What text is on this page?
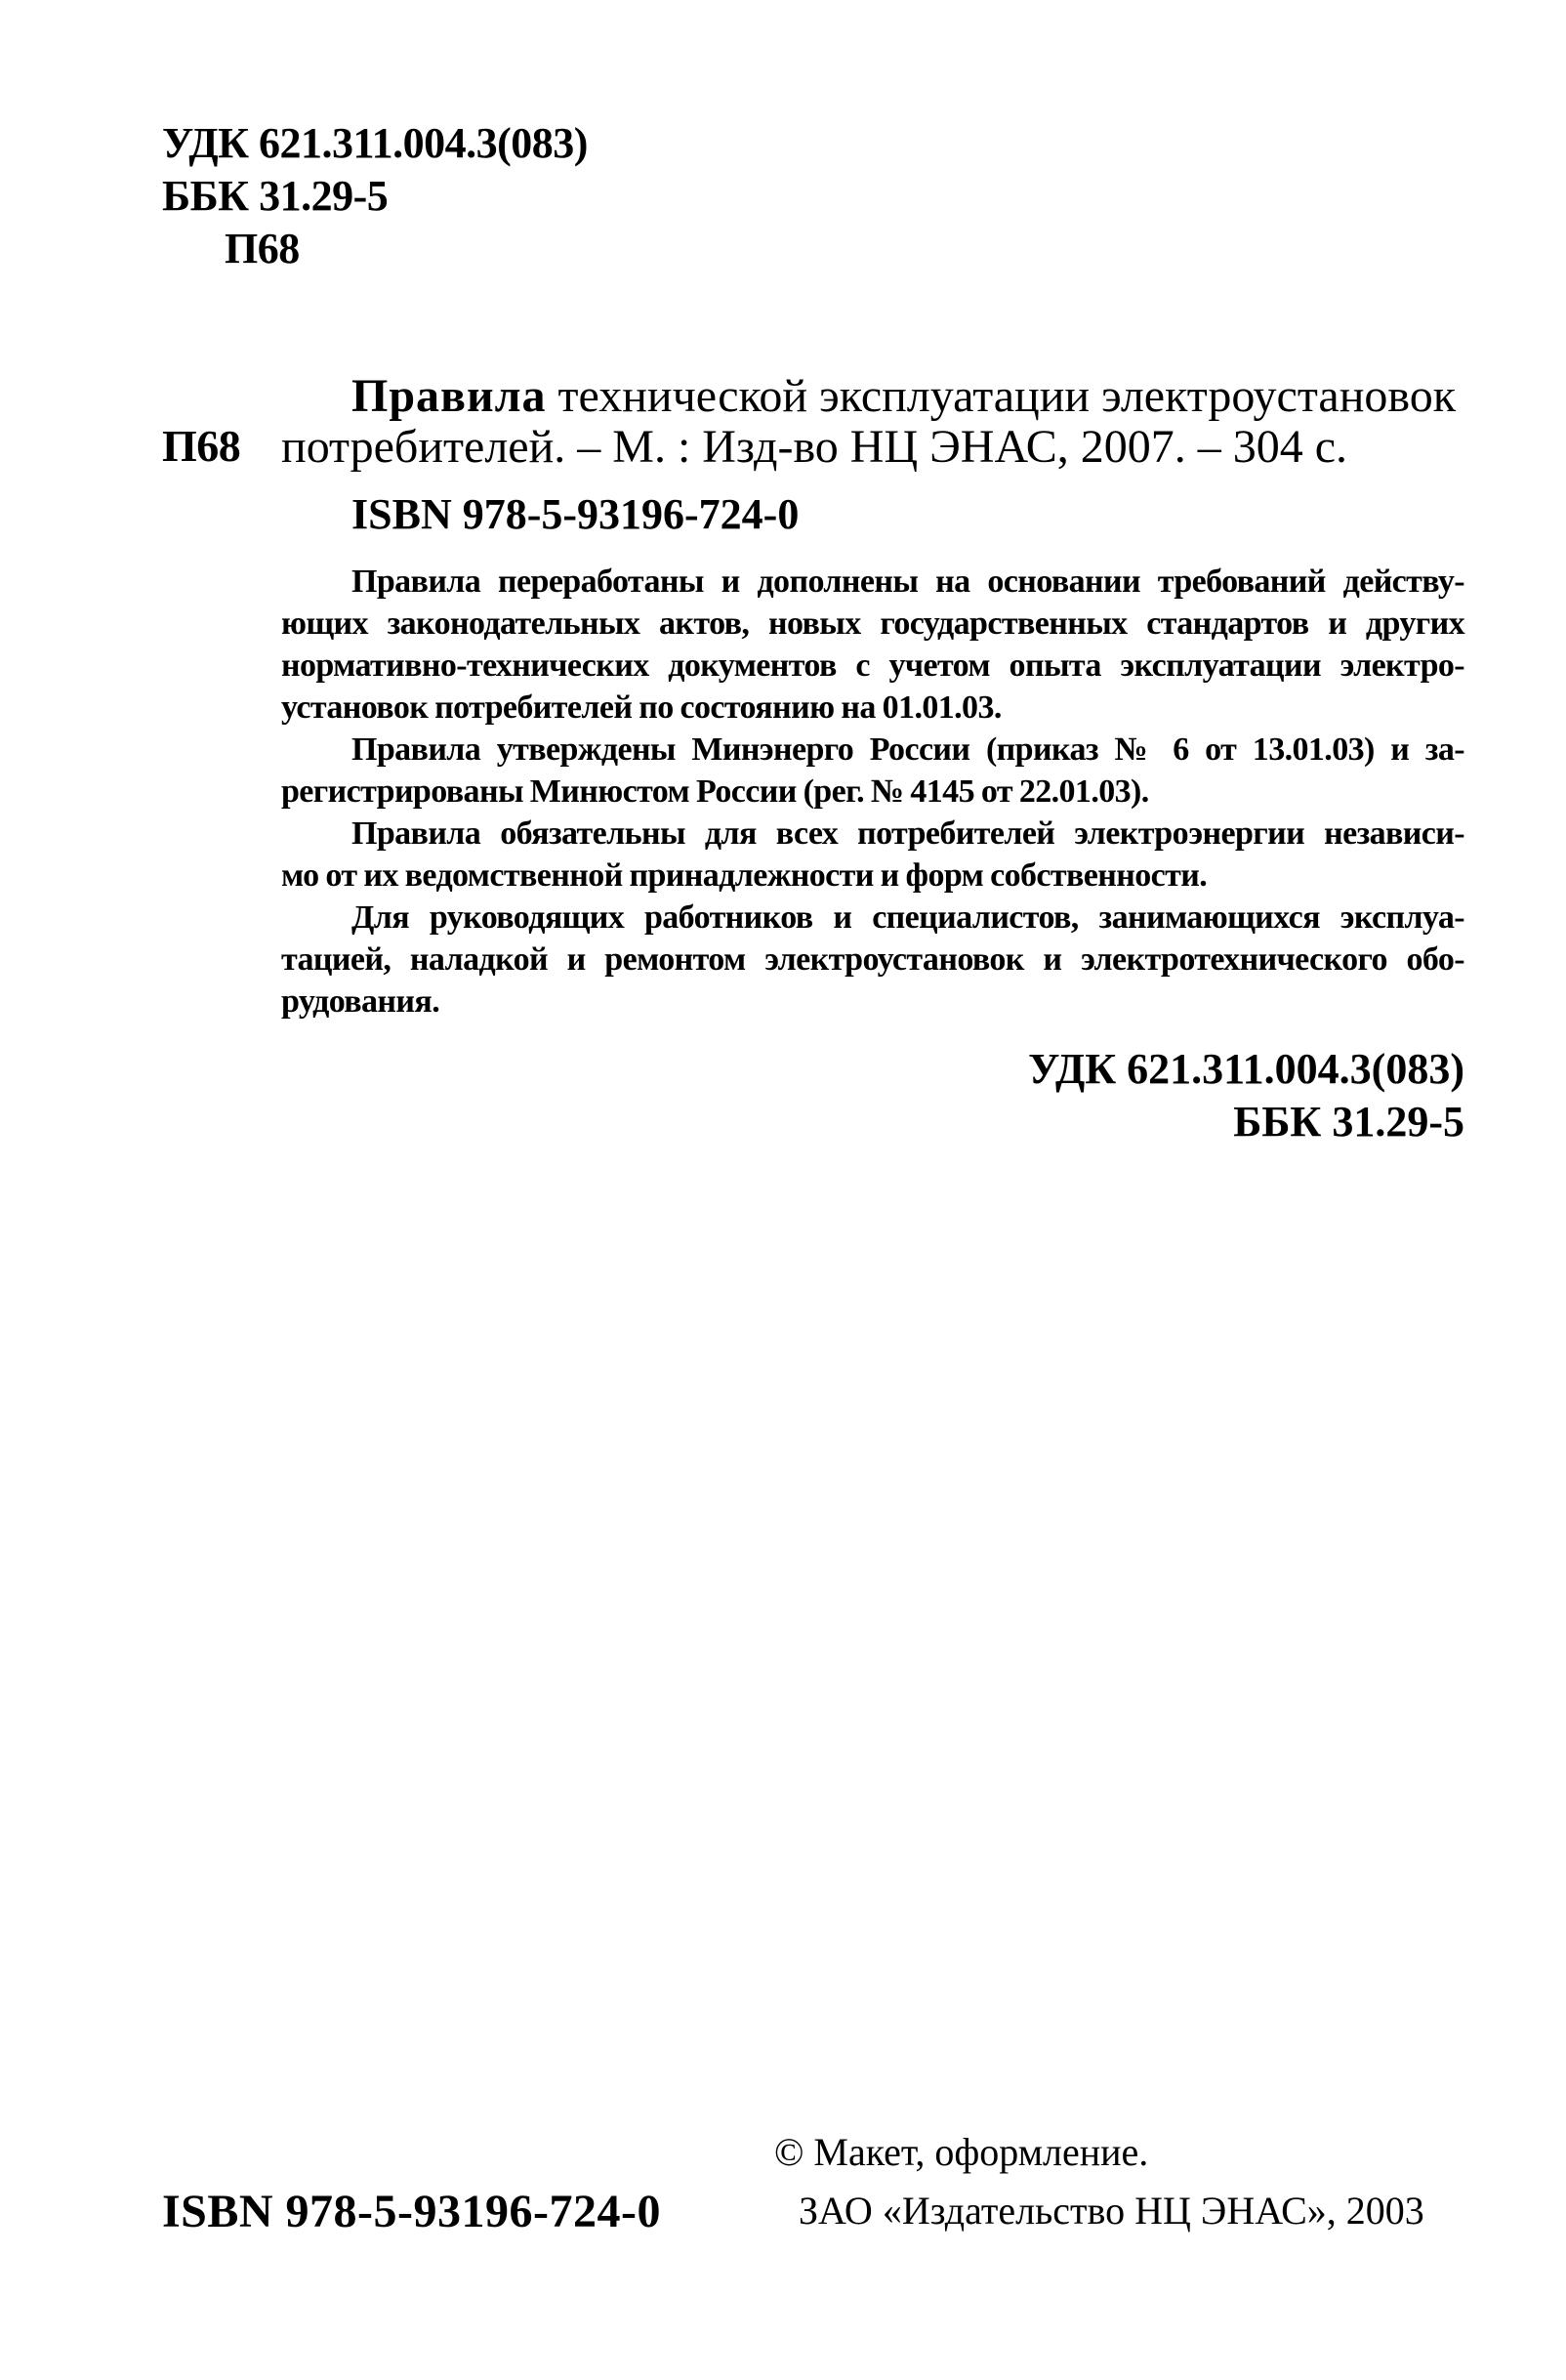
УДК 621.311.004.3(083)
ББК 31.29-5
П68
Правила технической эксплуатации электроустановок
П68 потребителей. – М. : Изд-во НЦ ЭНАС, 2007. – 304 с.
ISBN 978-5-93196-724-0
Правила переработаны и дополнены на основании требований действу-
ющих законодательных актов, новых государственных стандартов и других
нормативно-технических документов с учетом опыта эксплуатации электро-
установок потребителей по состоянию на 01.01.03.
Правила утверждены Минэнерго России (приказ № 6 от 13.01.03) и за-
регистрированы Минюстом России (рег. № 4145 от 22.01.03).
Правила обязательны для всех потребителей электроэнергии независи-
мо от их ведомственной принадлежности и форм собственности.
Для руководящих работников и специалистов, занимающихся эксплуа-
тацией, наладкой и ремонтом электроустановок и электротехнического обо-
рудования.
УДК 621.311.004.3(083)
ББК 31.29-5
ISBN 978-5-93196-724-0
© Макет, оформление.
ЗАО «Издательство НЦ ЭНАС», 2003
